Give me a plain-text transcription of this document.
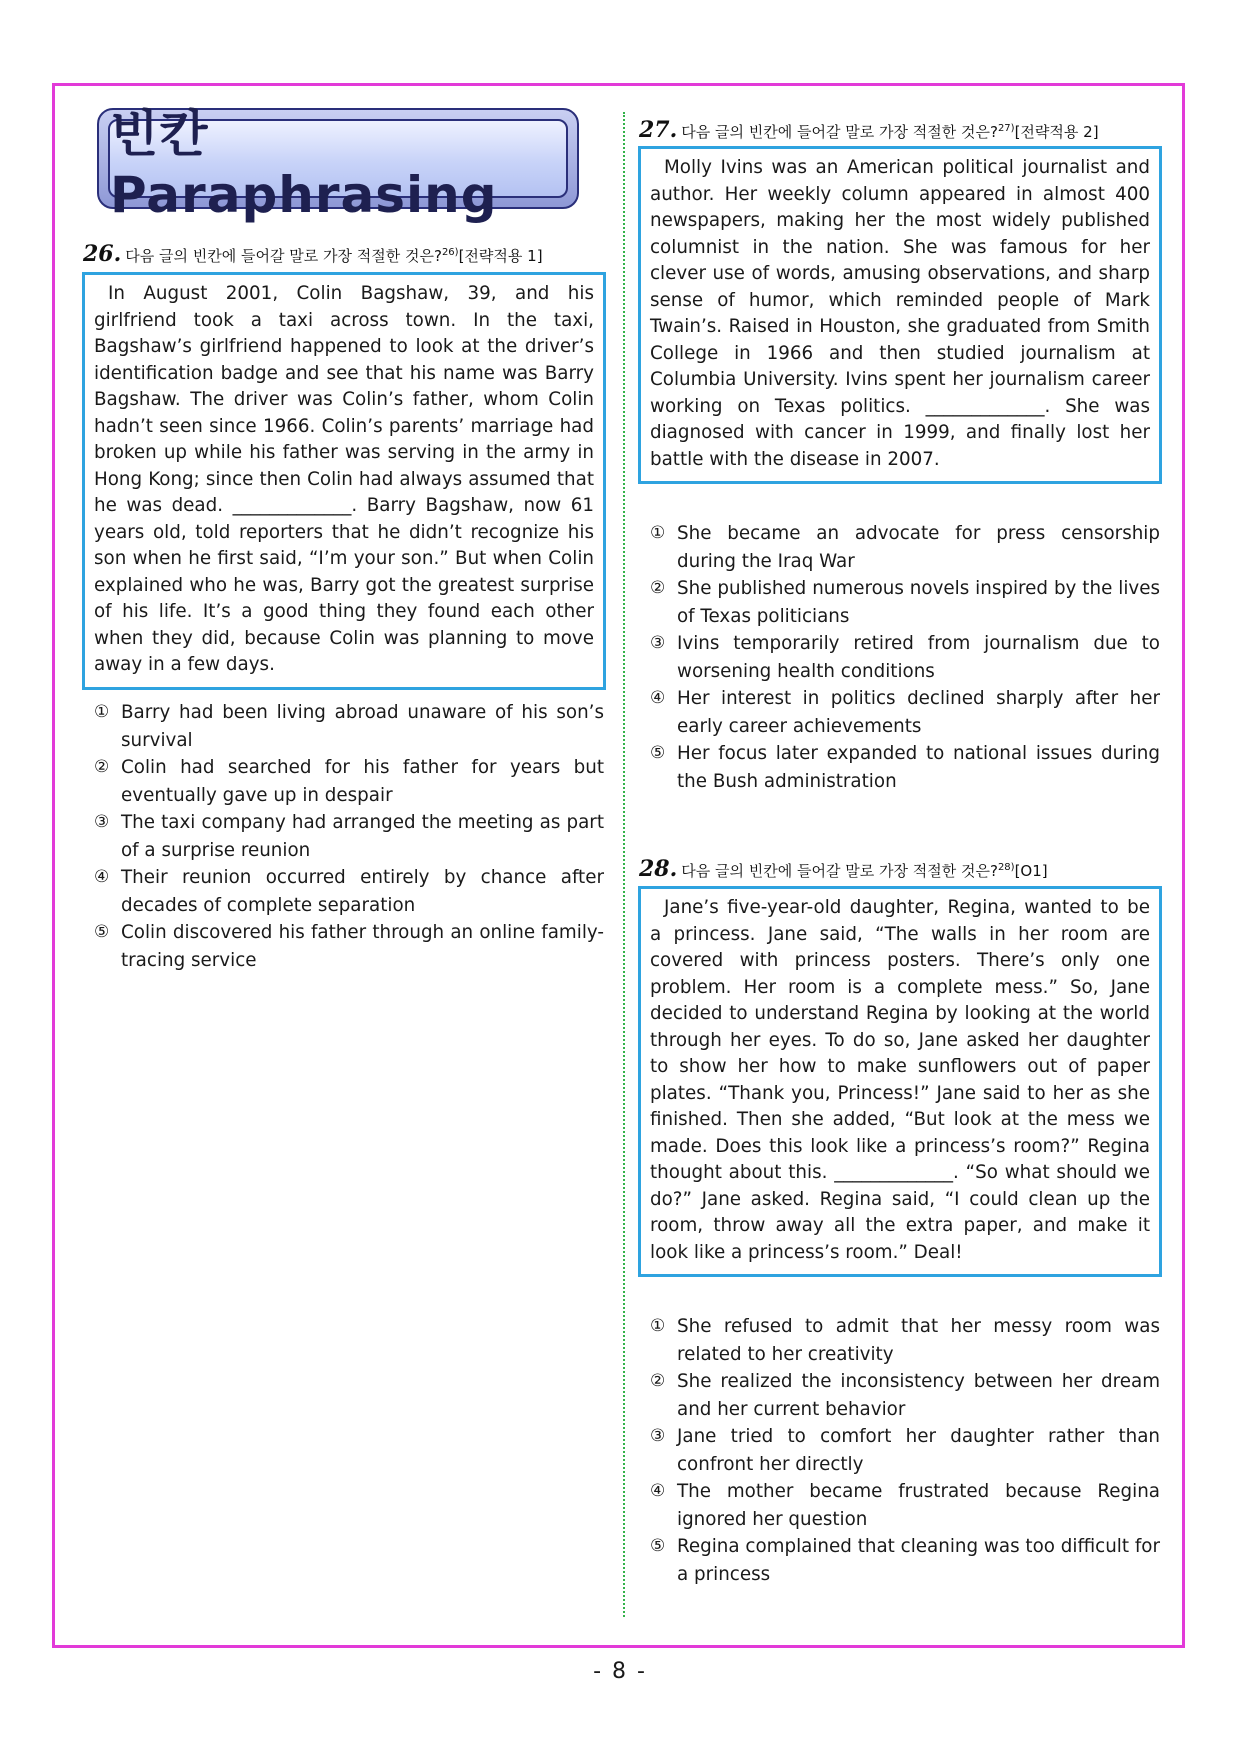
빈칸 Paraphrasing
26. 다음 글의 빈칸에 들어갈 말로 가장 적절한 것은?$^{26)}$[전략적용 1]

In August 2001, Colin Bagshaw, 39, and his girlfriend took a taxi across town. In the taxi, Bagshaw’s girlfriend happened to look at the driver’s identification badge and see that his name was Barry Bagshaw. The driver was Colin’s father, whom Colin hadn’t seen since 1966. Colin’s parents’ marriage had broken up while his father was serving in the army in Hong Kong; since then Colin had always assumed that he was dead. _____________. Barry Bagshaw, now 61 years old, told reporters that he didn’t recognize his son when he first said, “I’m your son.” But when Colin explained who he was, Barry got the greatest surprise of his life. It’s a good thing they found each other when they did, because Colin was planning to move away in a few days.

① Barry had been living abroad unaware of his son’s survival
② Colin had searched for his father for years but eventually gave up in despair
③ The taxi company had arranged the meeting as part of a surprise reunion
④ Their reunion occurred entirely by chance after decades of complete separation
⑤ Colin discovered his father through an online family-tracing service
27. 다음 글의 빈칸에 들어갈 말로 가장 적절한 것은?$^{27)}$[전략적용 2]

Molly Ivins was an American political journalist and author. Her weekly column appeared in almost 400 newspapers, making her the most widely published columnist in the nation. She was famous for her clever use of words, amusing observations, and sharp sense of humor, which reminded people of Mark Twain’s. Raised in Houston, she graduated from Smith College in 1966 and then studied journalism at Columbia University. Ivins spent her journalism career working on Texas politics. _____________. She was diagnosed with cancer in 1999, and finally lost her battle with the disease in 2007.

① She became an advocate for press censorship during the Iraq War
② She published numerous novels inspired by the lives of Texas politicians
③ Ivins temporarily retired from journalism due to worsening health conditions
④ Her interest in politics declined sharply after her early career achievements
⑤ Her focus later expanded to national issues during the Bush administration
28. 다음 글의 빈칸에 들어갈 말로 가장 적절한 것은?$^{28)}$[O1]

Jane’s five-year-old daughter, Regina, wanted to be a princess. Jane said, “The walls in her room are covered with princess posters. There’s only one problem. Her room is a complete mess.” So, Jane decided to understand Regina by looking at the world through her eyes. To do so, Jane asked her daughter to show her how to make sunflowers out of paper plates. “Thank you, Princess!” Jane said to her as she finished. Then she added, “But look at the mess we made. Does this look like a princess’s room?” Regina thought about this. _____________. “So what should we do?” Jane asked. Regina said, “I could clean up the room, throw away all the extra paper, and make it look like a princess’s room.” Deal!

① She refused to admit that her messy room was related to her creativity
② She realized the inconsistency between her dream and her current behavior
③ Jane tried to comfort her daughter rather than confront her directly
④ The mother became frustrated because Regina ignored her question
⑤ Regina complained that cleaning was too difficult for a princess
- 8 -
